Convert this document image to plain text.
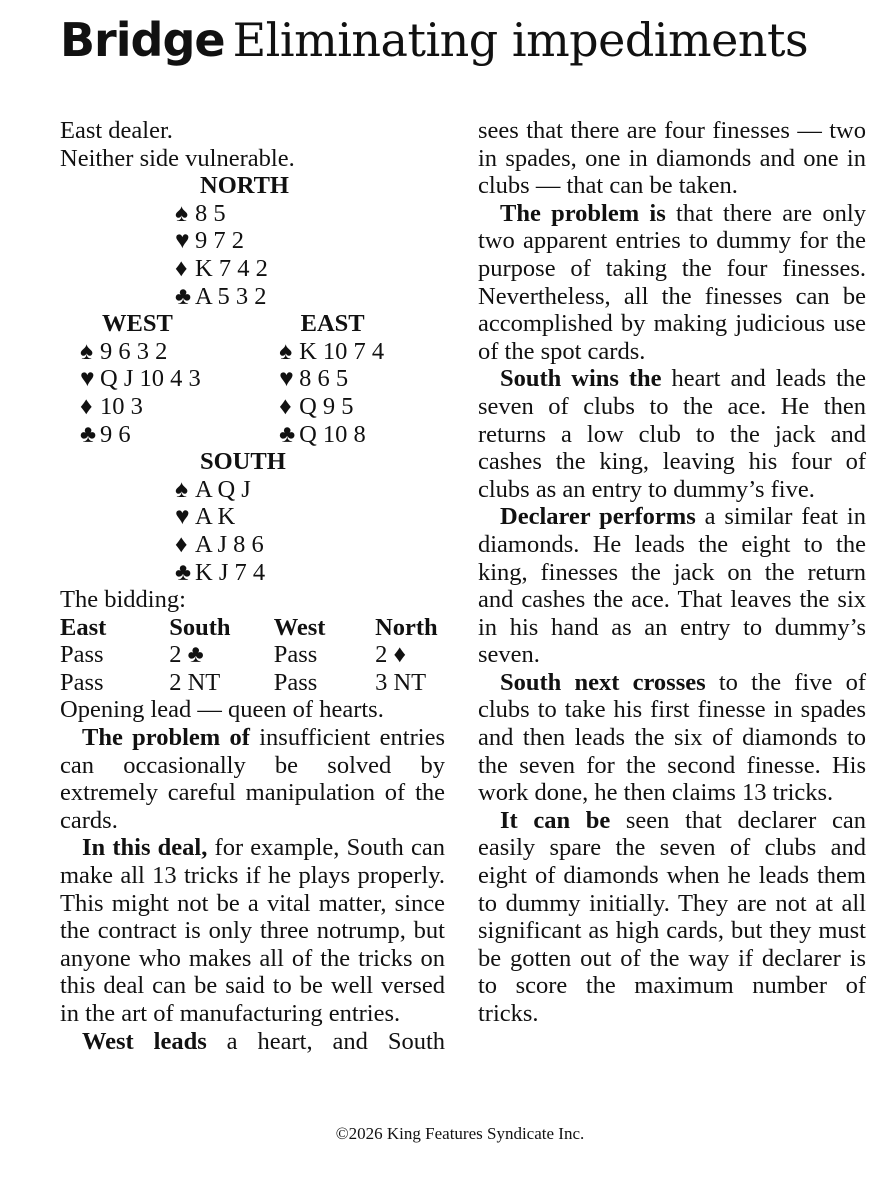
Bridge Eliminating impediments

East dealer.

Neither side vulnerable.

NORTH
♠ 8 5
♥ 9 7 2
♦ K 7 4 2
♣ A 5 3 2
WEST	EAST
♠ 9 6 3 2	♠ K 10 7 4
♥ Q J 10 4 3	♥ 8 6 5
♦ 10 3	♦ Q 9 5
♣ 9 6	♣ Q 10 8
SOUTH
♠ A Q J
♥ A K
♦ A J 8 6
♣ K J 7 4

The bidding:

East	South	West	North
Pass	2 ♣	Pass	2 ♦
Pass	2 NT	Pass	3 NT

Opening lead — queen of hearts.

The problem of insufficient entries can occasionally be solved by extremely careful manipulation of the cards.

In this deal, for example, South can make all 13 tricks if he plays properly. This might not be a vital matter, since the contract is only three notrump, but anyone who makes all of the tricks on this deal can be said to be well versed in the art of manufacturing entries.

West leads a heart, and South

sees that there are four finesses — two in spades, one in diamonds and one in clubs — that can be taken.

The problem is that there are only two apparent entries to dummy for the purpose of taking the four finesses. Nevertheless, all the finesses can be accomplished by making judicious use of the spot cards.

South wins the heart and leads the seven of clubs to the ace. He then returns a low club to the jack and cashes the king, leaving his four of clubs as an entry to dummy’s five.

Declarer performs a similar feat in diamonds. He leads the eight to the king, finesses the jack on the return and cashes the ace. That leaves the six in his hand as an entry to dummy’s seven.

South next crosses to the five of clubs to take his first finesse in spades and then leads the six of diamonds to the seven for the second finesse. His work done, he then claims 13 tricks.

It can be seen that declarer can easily spare the seven of clubs and eight of diamonds when he leads them to dummy initially. They are not at all significant as high cards, but they must be gotten out of the way if declarer is to score the maximum number of tricks.

©2026 King Features Syndicate Inc.
